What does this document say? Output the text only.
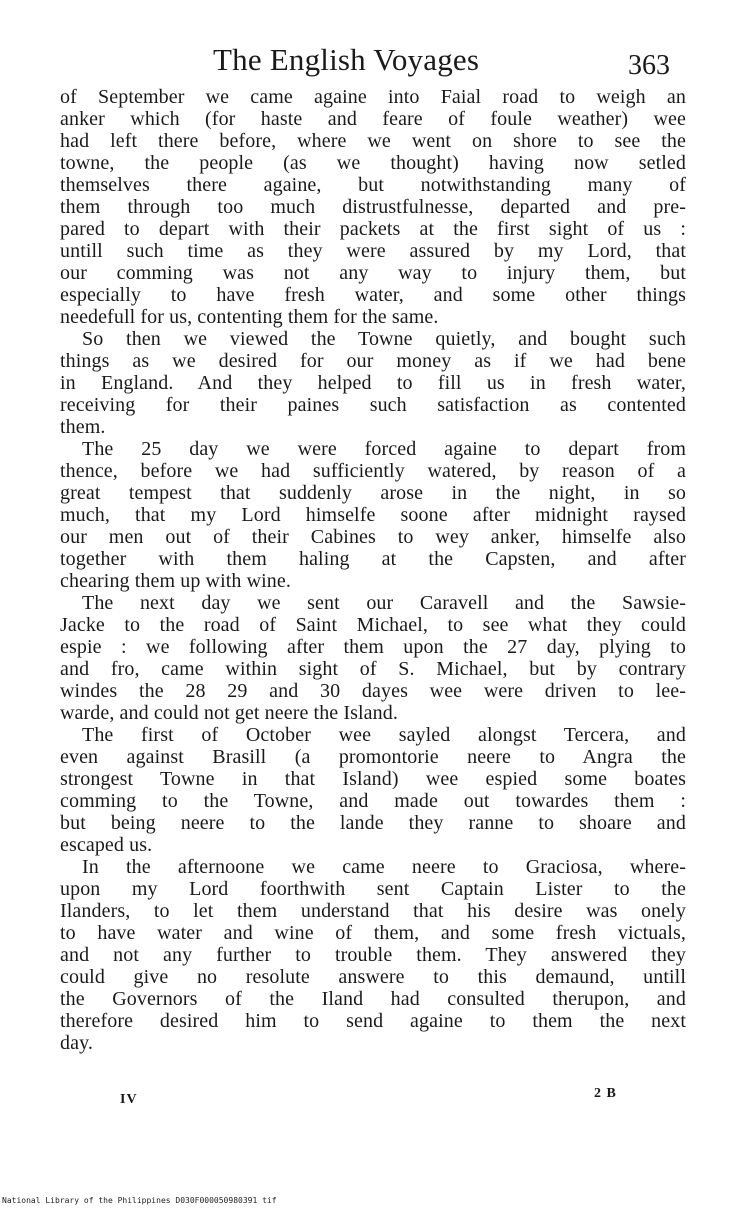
The English Voyages	363
of September we came againe into Faial road to weigh an
anker which (for haste and feare of foule weather) wee
had left there before, where we went on shore to see the
towne, the people (as we thought) having now setled
themselves there againe, but notwithstanding many of
them through too much distrustfulnesse, departed and pre-
pared to depart with their packets at the first sight of us :
untill such time as they were assured by my Lord, that
our comming was not any way to injury them, but
especially to have fresh water, and some other things
needefull for us, contenting them for the same.
So then we viewed the Towne quietly, and bought such
things as we desired for our money as if we had bene
in England. And they helped to fill us in fresh water,
receiving for their paines such satisfaction as contented
them.
The 25 day we were forced againe to depart from
thence, before we had sufficiently watered, by reason of a
great tempest that suddenly arose in the night, in so
much, that my Lord himselfe soone after midnight raysed
our men out of their Cabines to wey anker, himselfe also
together with them haling at the Capsten, and after
chearing them up with wine.
The next day we sent our Caravell and the Sawsie-
Jacke to the road of Saint Michael, to see what they could
espie : we following after them upon the 27 day, plying to
and fro, came within sight of S. Michael, but by contrary
windes the 28 29 and 30 dayes wee were driven to lee-
warde, and could not get neere the Island.
The first of October wee sayled alongst Tercera, and
even against Brasill (a promontorie neere to Angra the
strongest Towne in that Island) wee espied some boates
comming to the Towne, and made out towardes them :
but being neere to the lande they ranne to shoare and
escaped us.
In the afternoone we came neere to Graciosa, where-
upon my Lord foorthwith sent Captain Lister to the
Ilanders, to let them understand that his desire was onely
to have water and wine of them, and some fresh victuals,
and not any further to trouble them. They answered they
could give no resolute answere to this demaund, untill
the Governors of the Iland had consulted therupon, and
therefore desired him to send againe to them the next
day.
IV	2 B
National Library of the Philippines D030F000050980391 tif
